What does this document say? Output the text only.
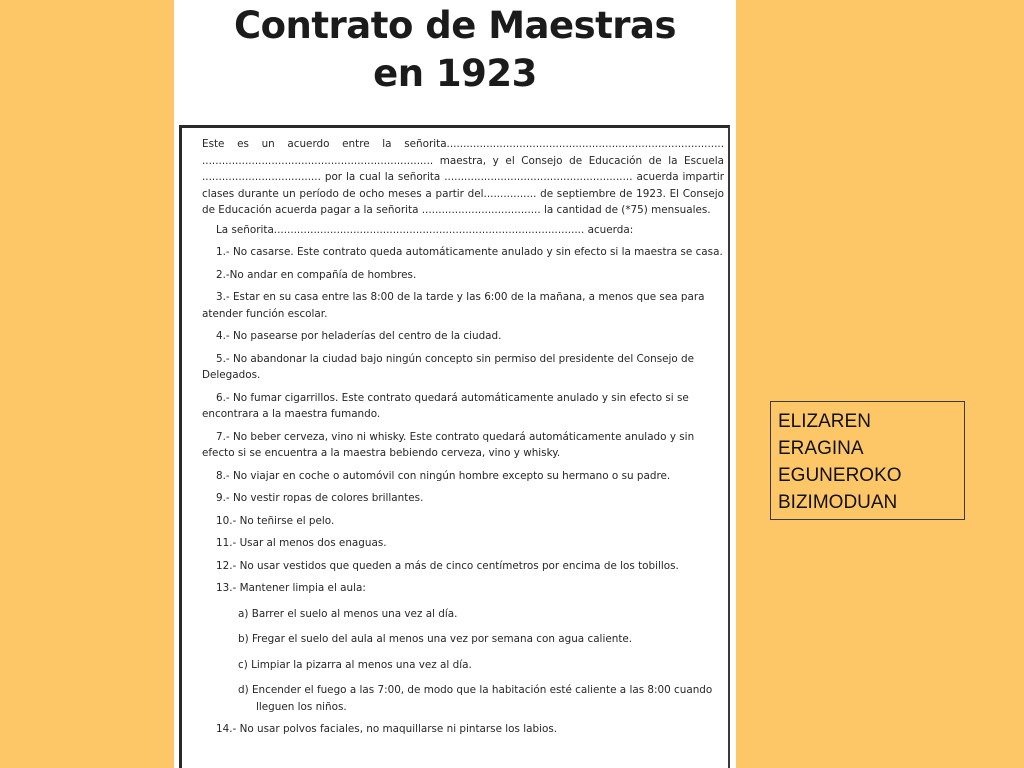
Contrato de Maestras
en 1923

Este es un acuerdo entre la señorita.................................................................................... ...................................................................... maestra, y el Consejo de Educación de la Escuela .................................... por la cual la señorita ......................................................... acuerda impartir clases durante un período de ocho meses a partir del................ de septiembre de 1923. El Consejo de Educación acuerda pagar a la señorita .................................... la cantidad de (*75) mensuales.

La señorita.............................................................................................. acuerda:

1.- No casarse. Este contrato queda automáticamente anulado y sin efecto si la maestra se casa.

2.-No andar en compañía de hombres.

3.- Estar en su casa entre las 8:00 de la tarde y las 6:00 de la mañana, a menos que sea para atender función escolar.

4.- No pasearse por heladerías del centro de la ciudad.

5.- No abandonar la ciudad bajo ningún concepto sin permiso del presidente del Consejo de Delegados.

6.- No fumar cigarrillos. Este contrato quedará automáticamente anulado y sin efecto si se encontrara a la maestra fumando.

7.- No beber cerveza, vino ni whisky. Este contrato quedará automáticamente anulado y sin efecto si se encuentra a la maestra bebiendo cerveza, vino y whisky.

8.- No viajar en coche o automóvil con ningún hombre excepto su hermano o su padre.

9.- No vestir ropas de colores brillantes.

10.- No teñirse el pelo.

11.- Usar al menos dos enaguas.

12.- No usar vestidos que queden a más de cinco centímetros por encima de los tobillos.

13.- Mantener limpia el aula:

a) Barrer el suelo al menos una vez al día.

b) Fregar el suelo del aula al menos una vez por semana con agua caliente.

c) Limpiar la pizarra al menos una vez al día.

d) Encender el fuego a las 7:00, de modo que la habitación esté caliente a las 8:00 cuando lleguen los niños.

14.- No usar polvos faciales, no maquillarse ni pintarse los labios.

ELIZAREN
ERAGINA
EGUNEROKO
BIZIMODUAN
